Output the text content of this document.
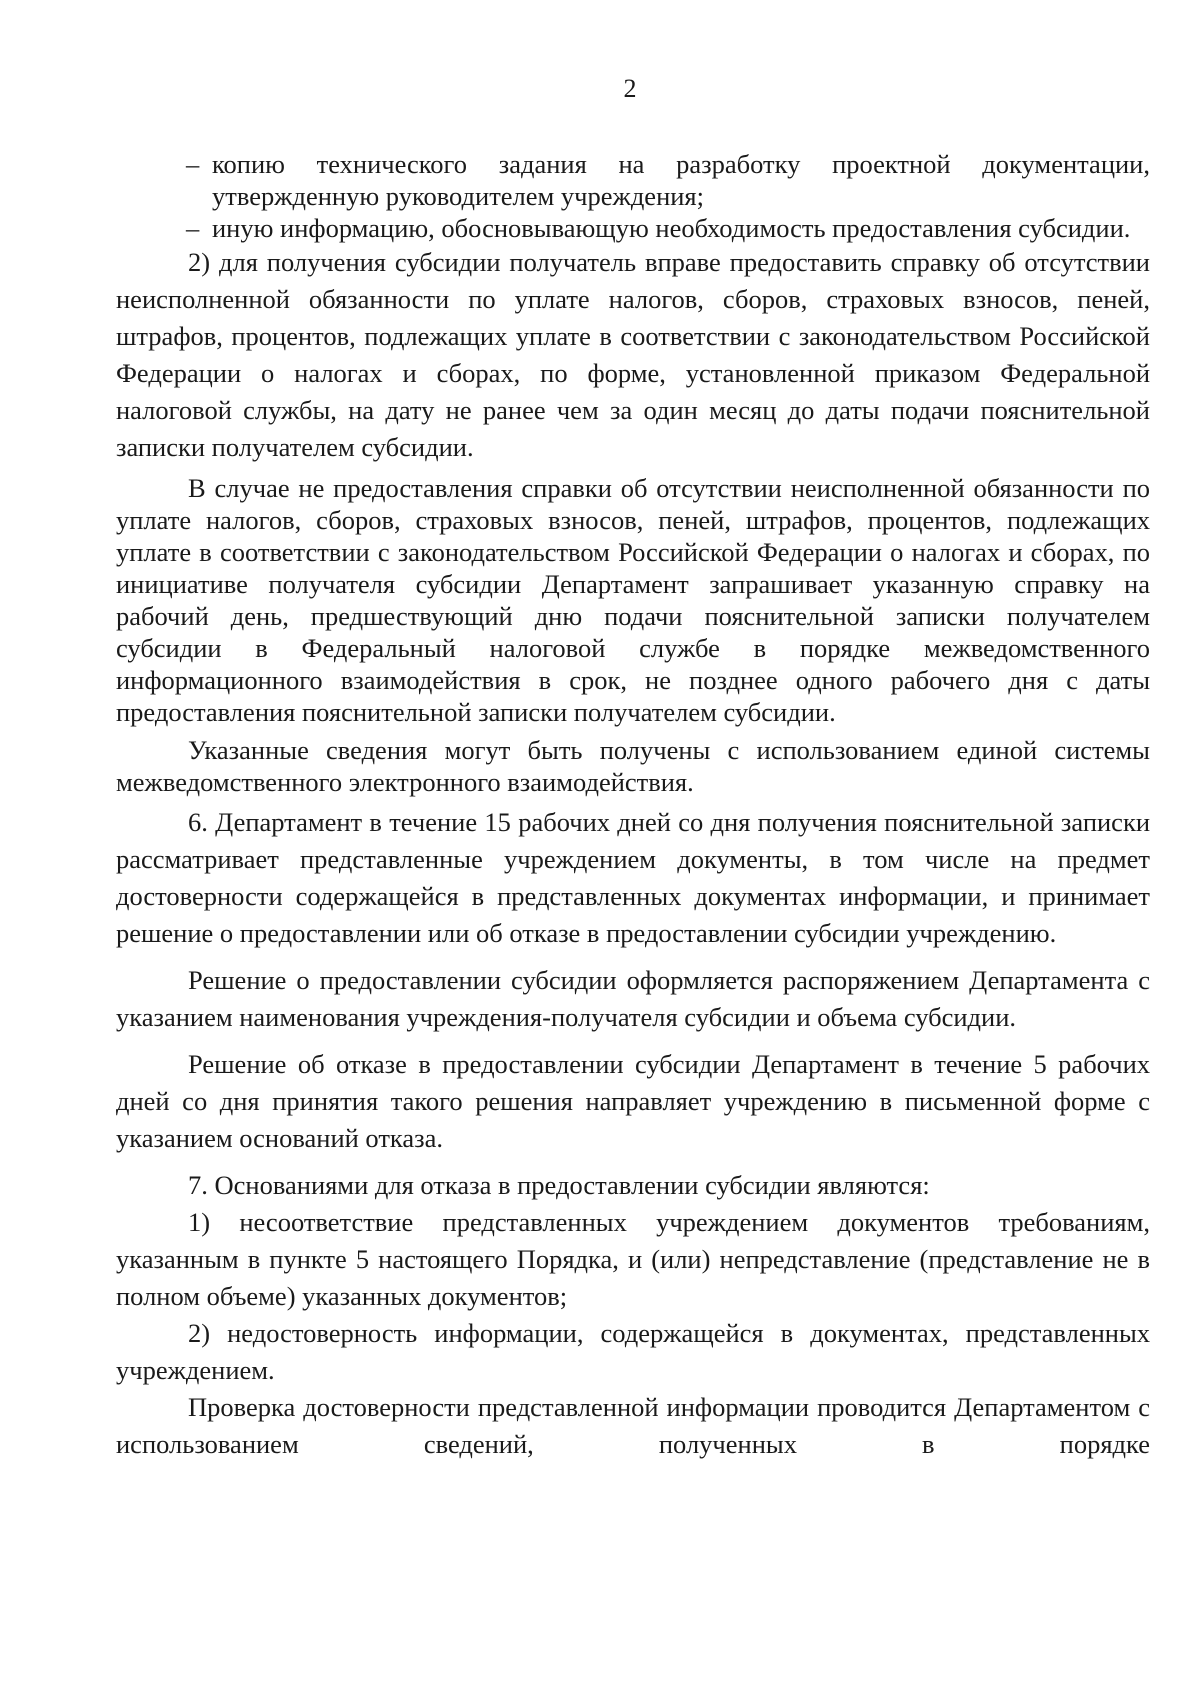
2
– копию технического задания на разработку проектной документации, утвержденную руководителем учреждения;
– иную информацию, обосновывающую необходимость предоставления субсидии.

2) для получения субсидии получатель вправе предоставить справку об отсутствии неисполненной обязанности по уплате налогов, сборов, страховых взносов, пеней, штрафов, процентов, подлежащих уплате в соответствии с законодательством Российской Федерации о налогах и сборах, по форме, установленной приказом Федеральной налоговой службы, на дату не ранее чем за один месяц до даты подачи пояснительной записки получателем субсидии.

В случае не предоставления справки об отсутствии неисполненной обязанности по уплате налогов, сборов, страховых взносов, пеней, штрафов, процентов, подлежащих уплате в соответствии с законодательством Российской Федерации о налогах и сборах, по инициативе получателя субсидии Департамент запрашивает указанную справку на рабочий день, предшествующий дню подачи пояснительной записки получателем субсидии в Федеральный налоговой службе в порядке межведомственного информационного взаимодействия в срок, не позднее одного рабочего дня с даты предоставления пояснительной записки получателем субсидии.

Указанные сведения могут быть получены с использованием единой системы межведомственного электронного взаимодействия.

6. Департамент в течение 15 рабочих дней со дня получения пояснительной записки рассматривает представленные учреждением документы, в том числе на предмет достоверности содержащейся в представленных документах информации, и принимает решение о предоставлении или об отказе в предоставлении субсидии учреждению.

Решение о предоставлении субсидии оформляется распоряжением Департамента с указанием наименования учреждения-получателя субсидии и объема субсидии.

Решение об отказе в предоставлении субсидии Департамент в течение 5 рабочих дней со дня принятия такого решения направляет учреждению в письменной форме с указанием оснований отказа.

7. Основаниями для отказа в предоставлении субсидии являются:

1) несоответствие представленных учреждением документов требованиям, указанным в пункте 5 настоящего Порядка, и (или) непредставление (представление не в полном объеме) указанных документов;

2) недостоверность информации, содержащейся в документах, представленных учреждением.

Проверка достоверности представленной информации проводится Департаментом с использованием сведений, полученных в порядке
